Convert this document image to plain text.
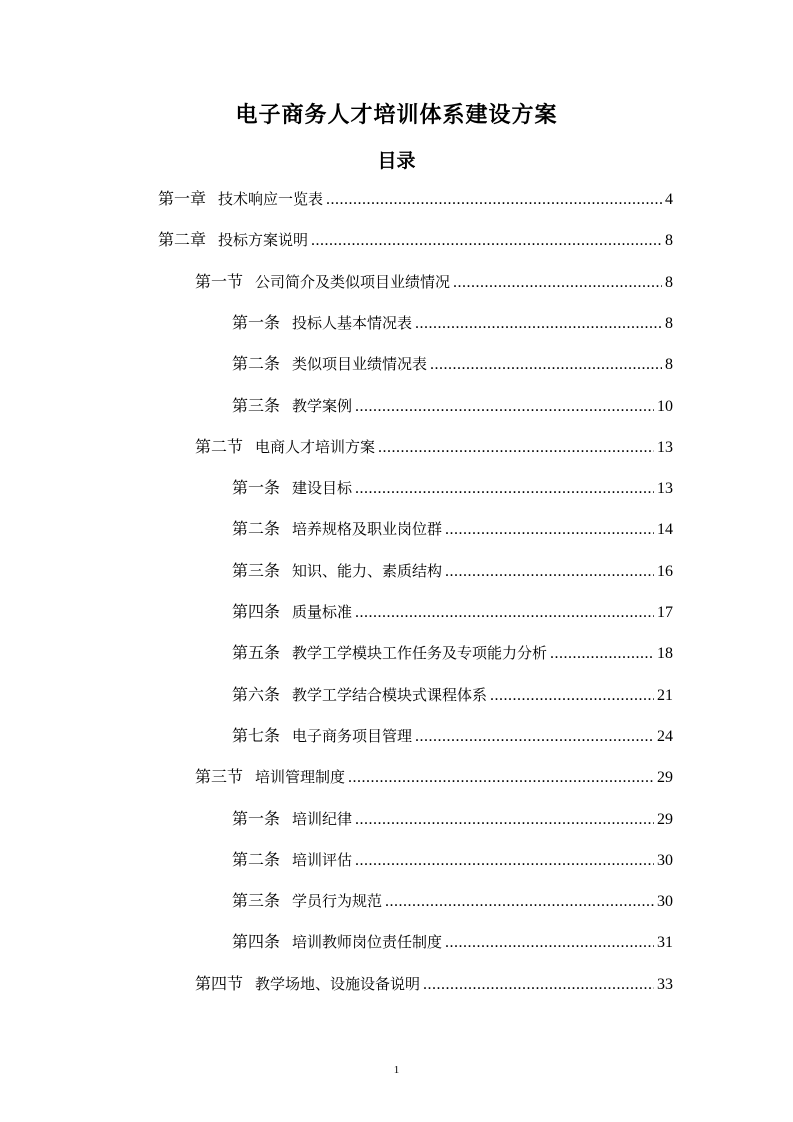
电子商务人才培训体系建设方案
目录
第一章 技术响应一览表 .....	4
第二章 投标方案说明 .....	8
第一节 公司简介及类似项目业绩情况 .....	8
第一条 投标人基本情况表 .....	8
第二条 类似项目业绩情况表 .....	8
第三条 教学案例 .....	10
第二节 电商人才培训方案 .....	13
第一条 建设目标 .....	13
第二条 培养规格及职业岗位群 .....	14
第三条 知识、能力、素质结构 .....	16
第四条 质量标准 .....	17
第五条 教学工学模块工作任务及专项能力分析 .....	18
第六条 教学工学结合模块式课程体系 .....	21
第七条 电子商务项目管理 .....	24
第三节 培训管理制度 .....	29
第一条 培训纪律 .....	29
第二条 培训评估 .....	30
第三条 学员行为规范 .....	30
第四条 培训教师岗位责任制度 .....	31
第四节 教学场地、设施设备说明 .....	33
1
